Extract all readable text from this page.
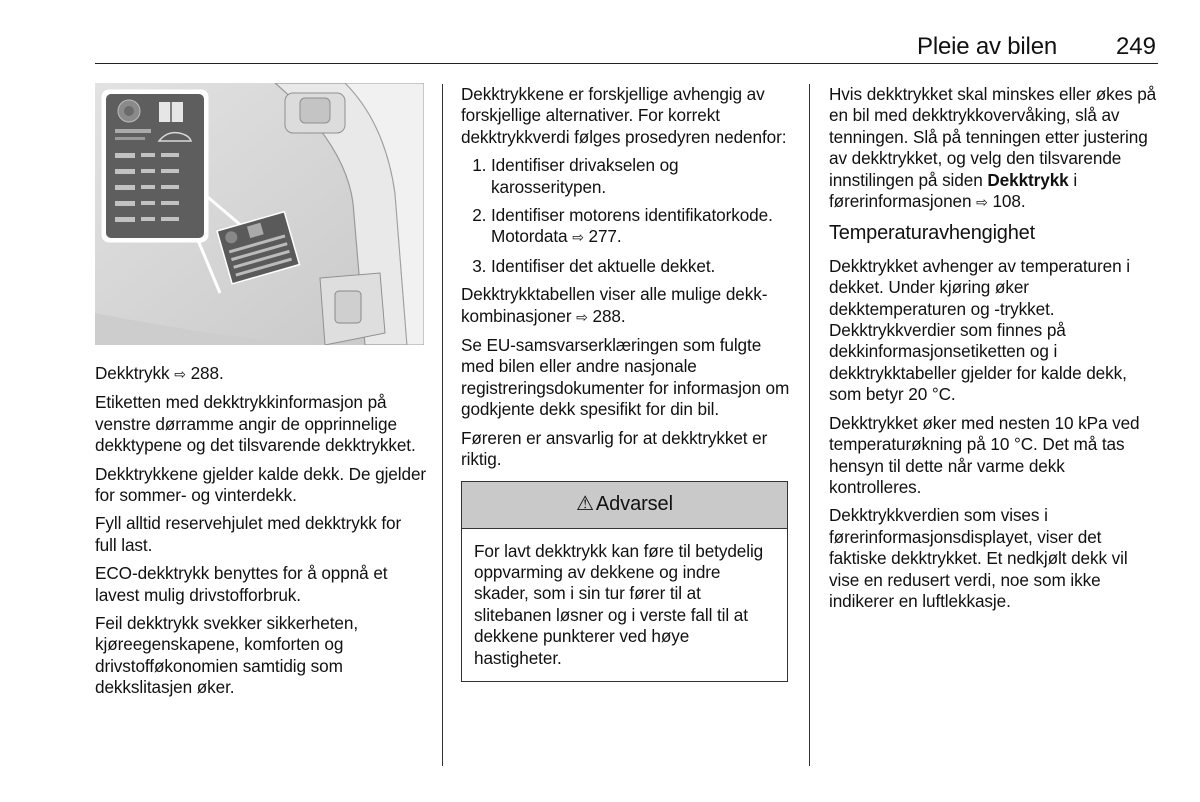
Pleie av bilen 249

Dekktrykk ⇨ 288.

Etiketten med dekktrykkinformasjon på venstre dørramme angir de opprinnelige dekktypene og det tilsvarende dekktrykket.

Dekktrykkene gjelder kalde dekk. De gjelder for sommer- og vinterdekk.

Fyll alltid reservehjulet med dekktrykk for full last.

ECO-dekktrykk benyttes for å oppnå et lavest mulig drivstofforbruk.

Feil dekktrykk svekker sikkerheten, kjøreegenskapene, komforten og drivstofføkonomien samtidig som dekkslitasjen øker.

Dekktrykkene er forskjellige avhengig av forskjellige alternativer. For korrekt dekktrykkverdi følges prosedyren nedenfor:

1. Identifiser drivakselen og karosseritypen.
2. Identifiser motorens identifikatorkode. Motordata ⇨ 277.
3. Identifiser det aktuelle dekket.

Dekktrykktabellen viser alle mulige dekk-kombinasjoner ⇨ 288.

Se EU-samsvarserklæringen som fulgte med bilen eller andre nasjonale registreringsdokumenter for informasjon om godkjente dekk spesifikt for din bil.

Føreren er ansvarlig for at dekktrykket er riktig.

⚠ Advarsel
For lavt dekktrykk kan føre til betydelig oppvarming av dekkene og indre skader, som i sin tur fører til at slitebanen løsner og i verste fall til at dekkene punkterer ved høye hastigheter.

Hvis dekktrykket skal minskes eller økes på en bil med dekktrykkovervåking, slå av tenningen. Slå på tenningen etter justering av dekktrykket, og velg den tilsvarende innstilingen på siden Dekktrykk i førerinformasjonen ⇨ 108.

Temperaturavhengighet

Dekktrykket avhenger av temperaturen i dekket. Under kjøring øker dekktemperaturen og -trykket. Dekktrykkverdier som finnes på dekkinformasjonsetiketten og i dekktrykktabeller gjelder for kalde dekk, som betyr 20 °C.

Dekktrykket øker med nesten 10 kPa ved temperaturøkning på 10 °C. Det må tas hensyn til dette når varme dekk kontrolleres.

Dekktrykkverdien som vises i førerinformasjonsdisplayet, viser det faktiske dekktrykket. Et nedkjølt dekk vil vise en redusert verdi, noe som ikke indikerer en luftlekkasje.
